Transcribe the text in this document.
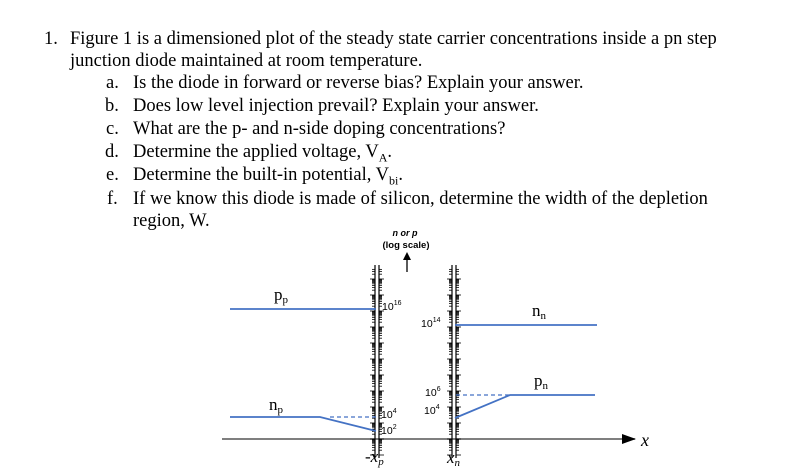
1. Figure 1 is a dimensioned plot of the steady state carrier concentrations inside a pn step
junction diode maintained at room temperature.
a. Is the diode in forward or reverse bias? Explain your answer.
b. Does low level injection prevail? Explain your answer.
c. What are the p- and n-side doping concentrations?
d. Determine the applied voltage, $V_A$.
e. Determine the built-in potential, $V_{bi}$.
f. If we know this diode is made of silicon, determine the width of the depletion
region, W.
n or p
(log scale)
x
pp
np
nn
pn
$10^{16}$
$10^4$
$10^2$
$10^{14}$
$10^6$
$10^4$
-xp	xn
